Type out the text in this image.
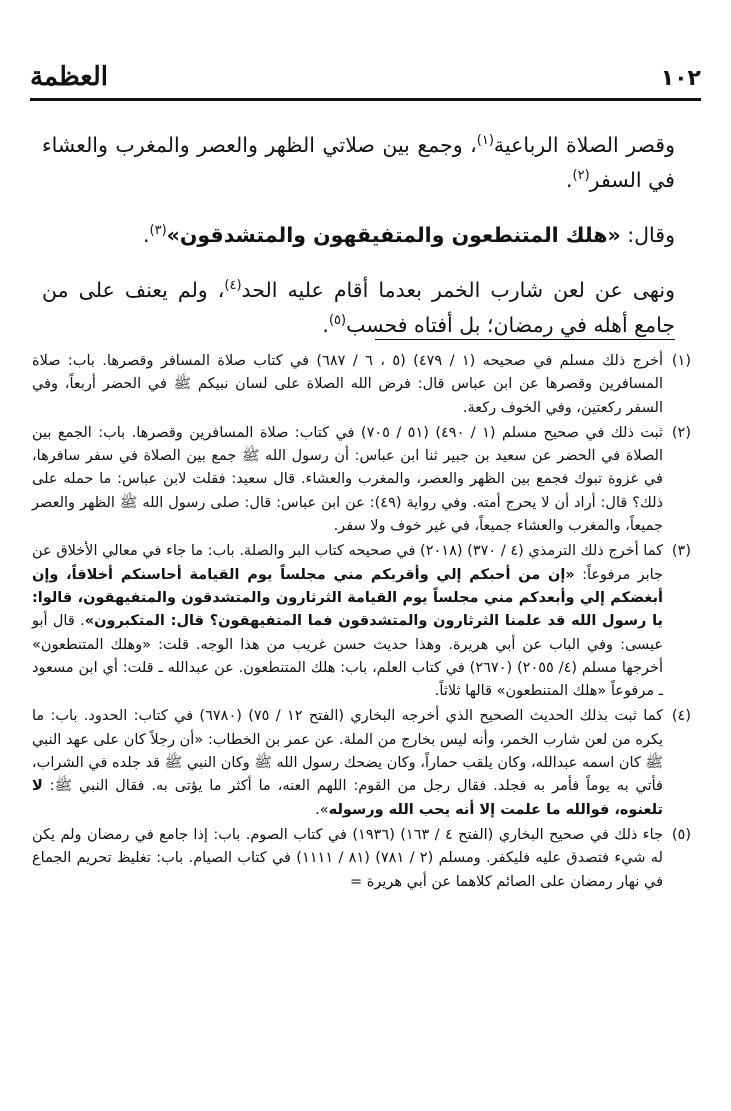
١٠٢
العظمة

وقصر الصلاة الرباعية$^{(١)}$، وجمع بين صلاتي الظهر والعصر والمغرب والعشاء في السفر$^{(٢)}$.

وقال: «هلك المتنطعون والمتفيقهون والمتشدقون»$^{(٣)}$.

ونهى عن لعن شارب الخمر بعدما أقام عليه الحد$^{(٤)}$، ولم يعنف على من جامع أهله في رمضان؛ بل أفتاه فحسب$^{(٥)}$.

(١)
أخرج ذلك مسلم في صحيحه (١ / ٤٧٩) (٥ ، ٦ / ٦٨٧) في كتاب صلاة المسافر وقصرها. باب: صلاة المسافرين وقصرها عن ابن عباس قال: فرض الله الصلاة على لسان نبيكم ﷺ في الحضر أربعاً، وفي السفر ركعتين، وفي الخوف ركعة.
(٢)
ثبت ذلك في صحيح مسلم (١ / ٤٩٠) (٥١ / ٧٠٥) في كتاب: صلاة المسافرين وقصرها. باب: الجمع بين الصلاة في الحضر عن سعيد بن جبير ثنا ابن عباس: أن رسول الله ﷺ جمع بين الصلاة في سفر سافرها، في غزوة تبوك فجمع بين الظهر والعصر، والمغرب والعشاء. قال سعيد: فقلت لابن عباس: ما حمله على ذلك؟ قال: أراد أن لا يحرج أمته. وفي رواية (٤٩): عن ابن عباس: قال: صلى رسول الله ﷺ الظهر والعصر جميعاً، والمغرب والعشاء جميعاً، في غير خوف ولا سفر.
(٣)
كما أخرج ذلك الترمذي (٤ / ٣٧٠) (٢٠١٨) في صحيحه كتاب البر والصلة. باب: ما جاء في معالي الأخلاق عن جابر مرفوعاً: «إن من أحبكم إلي وأقربكم مني مجلساً يوم القيامة أحاسنكم أخلاقاً، وإن أبغضكم إلي وأبعدكم مني مجلساً يوم القيامة الثرثارون والمتشدقون والمتفيهقون، قالوا: يا رسول الله قد علمنا الثرثارون والمتشدقون فما المتفيهقون؟ قال: المتكبرون». قال أبو عيسى: وفي الباب عن أبي هريرة. وهذا حديث حسن غريب من هذا الوجه. قلت: «وهلك المتنطعون» أخرجها مسلم (٤/ ٢٠٥٥) (٢٦٧٠) في كتاب العلم، باب: هلك المتنطعون. عن عبدالله ـ قلت: أي ابن مسعود ـ مرفوعاً «هلك المتنطعون» قالها ثلاثاً.
(٤)
كما ثبت بذلك الحديث الصحيح الذي أخرجه البخاري (الفتح ١٢ / ٧٥) (٦٧٨٠) في كتاب: الحدود. باب: ما يكره من لعن شارب الخمر، وأنه ليس بخارج من الملة. عن عمر بن الخطاب: «أن رجلاً كان على عهد النبي ﷺ كان اسمه عبدالله، وكان يلقب حماراً، وكان يضحك رسول الله ﷺ وكان النبي ﷺ قد جلده في الشراب، فأتي به يوماً فأمر به فجلد. فقال رجل من القوم: اللهم العنه، ما أكثر ما يؤتى به. فقال النبي ﷺ: لا تلعنوه، فوالله ما علمت إلا أنه يحب الله ورسوله».
(٥)
جاء ذلك في صحيح البخاري (الفتح ٤ / ١٦٣) (١٩٣٦) في كتاب الصوم. باب: إذا جامع في رمضان ولم يكن له شيء فتصدق عليه فليكفر. ومسلم (٢ / ٧٨١) (٨١ / ١١١١) في كتاب الصيام. باب: تغليظ تحريم الجماع في نهار رمضان على الصائم كلاهما عن أبي هريرة =
